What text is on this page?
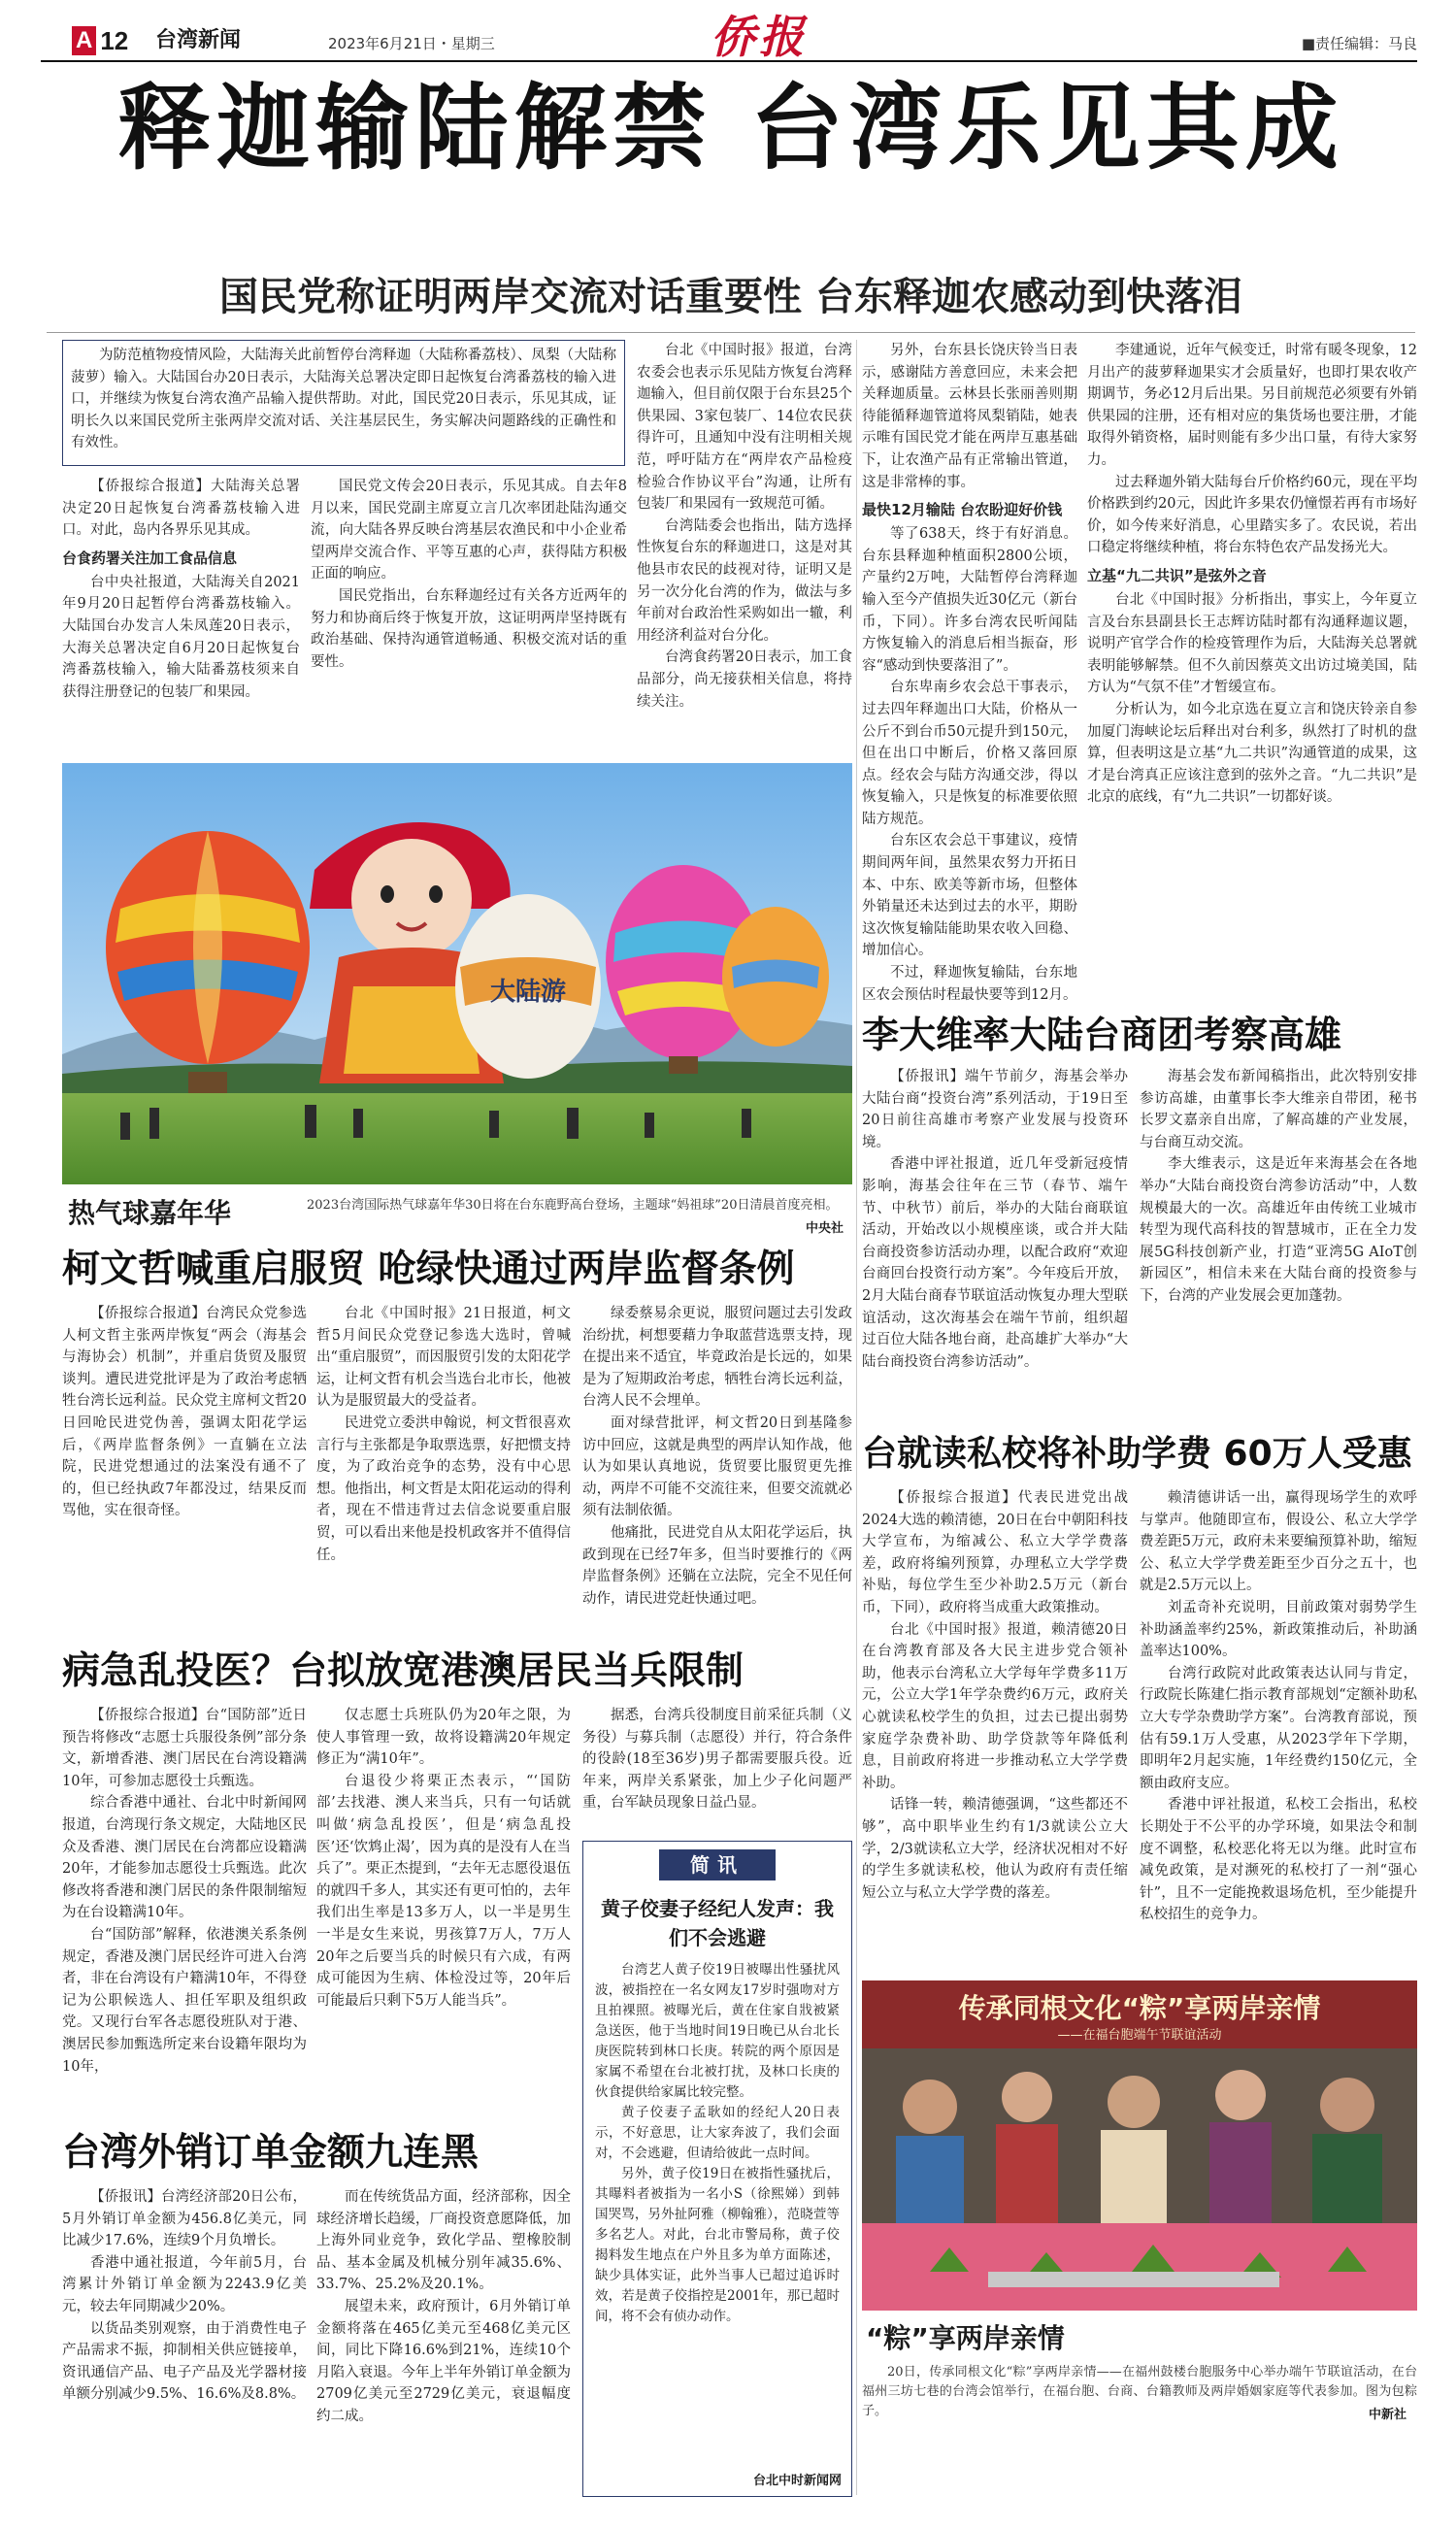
A 12 台湾新闻	2023年6月21日・星期三	侨报	■责任编辑：马良
释迦输陆解禁 台湾乐见其成
国民党称证明两岸交流对话重要性 台东释迦农感动到快落泪
为防范植物疫情风险，大陆海关此前暂停台湾释迦（大陆称番荔枝）、凤梨（大陆称菠萝）输入。大陆国台办20日表示，大陆海关总署决定即日起恢复台湾番荔枝的输入进口，并继续为恢复台湾农渔产品输入提供帮助。对此，国民党20日表示，乐见其成，证明长久以来国民党所主张两岸交流对话、关注基层民生，务实解决问题路线的正确性和有效性。

【侨报综合报道】大陆海关总署决定20日起恢复台湾番荔枝输入进口。对此，岛内各界乐见其成。

台食药署关注加工食品信息

台中央社报道，大陆海关自2021年9月20日起暂停台湾番荔枝输入。大陆国台办发言人朱凤莲20日表示，大海关总署决定自6月20日起恢复台湾番荔枝输入，输大陆番荔枝须来自获得注册登记的包装厂和果园。

国民党文传会20日表示，乐见其成。自去年8月以来，国民党副主席夏立言几次率团赴陆沟通交流，向大陆各界反映台湾基层农渔民和中小企业希望两岸交流合作、平等互惠的心声，获得陆方积极正面的响应。

国民党指出，台东释迦经过有关各方近两年的努力和协商后终于恢复开放，这证明两岸坚持既有政治基础、保持沟通管道畅通、积极交流对话的重要性。

台北《中国时报》报道，台湾农委会也表示乐见陆方恢复台湾释迦输入，但目前仅限于台东县25个供果园、3家包装厂、14位农民获得许可，且通知中没有注明相关规范，呼吁陆方在“两岸农产品检疫检验合作协议平台”沟通，让所有包装厂和果园有一致规范可循。

台湾陆委会也指出，陆方选择性恢复台东的释迦进口，这是对其他县市农民的歧视对待，证明又是另一次分化台湾的作为，做法与多年前对台政治性采购如出一辙，利用经济利益对台分化。

台湾食药署20日表示，加工食品部分，尚无接获相关信息，将持续关注。

另外，台东县长饶庆铃当日表示，感谢陆方善意回应，未来会把关释迦质量。云林县长张丽善则期待能循释迦管道将凤梨销陆，她表示唯有国民党才能在两岸互惠基础下，让农渔产品有正常输出管道，这是非常棒的事。

最快12月输陆 台农盼迎好价钱

等了638天，终于有好消息。台东县释迦种植面积2800公顷，产量约2万吨，大陆暂停台湾释迦输入至今产值损失近30亿元（新台币，下同）。许多台湾农民听闻陆方恢复输入的消息后相当振奋，形容“感动到快要落泪了”。

台东卑南乡农会总干事表示，过去四年释迦出口大陆，价格从一公斤不到台币50元提升到150元，但在出口中断后，价格又落回原点。经农会与陆方沟通交涉，得以恢复输入，只是恢复的标准要依照陆方规范。

台东区农会总干事建议，疫情期间两年间，虽然果农努力开拓日本、中东、欧美等新市场，但整体外销量还未达到过去的水平，期盼这次恢复输陆能助果农收入回稳、增加信心。

不过，释迦恢复输陆，台东地区农会预估时程最快要等到12月。

李建通说，近年气候变迁，时常有暖冬现象，12月出产的菠萝释迦果实才会质量好，也即打果农收产期调节，务必12月后出果。另目前规范必须要有外销供果园的注册，还有相对应的集货场也要注册，才能取得外销资格，届时则能有多少出口量，有待大家努力。

过去释迦外销大陆每台斤价格约60元，现在平均价格跌到约20元，因此许多果农仍憧憬若再有市场好价，如今传来好消息，心里踏实多了。农民说，若出口稳定将继续种植，将台东特色农产品发扬光大。

立基“九二共识”是弦外之音

台北《中国时报》分析指出，事实上，今年夏立言及台东县副县长王志辉访陆时都有沟通释迦议题，说明产官学合作的检疫管理作为后，大陆海关总署就表明能够解禁。但不久前因蔡英文出访过境美国，陆方认为“气氛不佳”才暂缓宣布。

分析认为，如今北京选在夏立言和饶庆铃亲自参加厦门海峡论坛后释出对台利多，纵然打了时机的盘算，但表明这是立基“九二共识”沟通管道的成果，这才是台湾真正应该注意到的弦外之音。“九二共识”是北京的底线，有“九二共识”一切都好谈。

大陆游
热气球嘉年华	2023台湾国际热气球嘉年华30日将在台东鹿野高台登场，主题球“妈祖球”20日清晨首度亮相。
中央社
柯文哲喊重启服贸 呛绿快通过两岸监督条例

【侨报综合报道】台湾民众党参选人柯文哲主张两岸恢复“两会（海基会与海协会）机制”，并重启货贸及服贸谈判。遭民进党批评是为了政治考虑牺牲台湾长远利益。民众党主席柯文哲20日回呛民进党伪善，强调太阳花学运后，《两岸监督条例》一直躺在立法院，民进党想通过的法案没有通不了的，但已经执政7年都没过，结果反而骂他，实在很奇怪。

台北《中国时报》21日报道，柯文哲5月间民众党登记参选大选时，曾喊出“重启服贸”，而因服贸引发的太阳花学运，让柯文哲有机会当选台北市长，他被认为是服贸最大的受益者。

民进党立委洪申翰说，柯文哲很喜欢言行与主张都是争取票选票，好把惯支持度，为了政治竞争的态势，没有中心思想。他指出，柯文哲是太阳花运动的得利者，现在不惜违背过去信念说要重启服贸，可以看出来他是投机政客并不值得信任。

绿委蔡易余更说，服贸问题过去引发政治纷扰，柯想要藉力争取蓝营选票支持，现在提出来不适宜，毕竟政治是长远的，如果是为了短期政治考虑，牺牲台湾长远利益，台湾人民不会埋单。

面对绿营批评，柯文哲20日到基隆参访中回应，这就是典型的两岸认知作战，他认为如果认真地说，货贸要比服贸更先推动，两岸不可能不交流往来，但要交流就必须有法制依循。

他痛批，民进党自从太阳花学运后，执政到现在已经7年多，但当时要推行的《两岸监督条例》还躺在立法院，完全不见任何动作，请民进党赶快通过吧。

病急乱投医？台拟放宽港澳居民当兵限制

【侨报综合报道】台“国防部”近日预告将修改“志愿士兵服役条例”部分条文，新增香港、澳门居民在台湾设籍满10年，可参加志愿役士兵甄选。

综合香港中通社、台北中时新闻网报道，台湾现行条文规定，大陆地区民众及香港、澳门居民在台湾都应设籍满20年，才能参加志愿役士兵甄选。此次修改将香港和澳门居民的条件限制缩短为在台设籍满10年。

台“国防部”解释，依港澳关系条例规定，香港及澳门居民经许可进入台湾者，非在台湾设有户籍满10年，不得登记为公职候选人、担任军职及组织政党。又现行台军各志愿役班队对于港、澳居民参加甄选所定来台设籍年限均为10年，

仅志愿士兵班队仍为20年之限，为使人事管理一致，故将设籍满20年规定修正为“满10年”。

台退役少将栗正杰表示，“‘国防部’去找港、澳人来当兵，只有一句话就叫做‘病急乱投医’，但是‘病急乱投医’还‘饮鸩止渴’，因为真的是没有人在当兵了”。栗正杰提到，“去年无志愿役退伍的就四千多人，其实还有更可怕的，去年我们出生率是13多万人，以一半是男生一半是女生来说，男孩算7万人，7万人20年之后要当兵的时候只有六成，有两成可能因为生病、体检没过等，20年后可能最后只剩下5万人能当兵”。

据悉，台湾兵役制度目前采征兵制（义务役）与募兵制（志愿役）并行，符合条件的役龄(18至36岁)男子都需要服兵役。近年来，两岸关系紧张，加上少子化问题严重，台军缺员现象日益凸显。

台湾外销订单金额九连黑

【侨报讯】台湾经济部20日公布，5月外销订单金额为456.8亿美元，同比减少17.6%，连续9个月负增长。

香港中通社报道，今年前5月，台湾累计外销订单金额为2243.9亿美元，较去年同期减少20%。

以货品类别观察，由于消费性电子产品需求不振，抑制相关供应链接单，资讯通信产品、电子产品及光学器材接单额分别减少9.5%、16.6%及8.8%。

而在传统货品方面，经济部称，因全球经济增长趋缓，厂商投资意愿降低，加上海外同业竞争，致化学品、塑橡胶制品、基本金属及机械分别年减35.6%、33.7%、25.2%及20.1%。

展望未来，政府预计，6月外销订单金额将落在465亿美元至468亿美元区间，同比下降16.6%到21%，连续10个月陷入衰退。今年上半年外销订单金额为2709亿美元至2729亿美元，衰退幅度约二成。

简讯
黄子佼妻子经纪人发声：我们不会逃避

台湾艺人黄子佼19日被曝出性骚扰风波，被指控在一名女网友17岁时强吻对方且拍裸照。被曝光后，黄在住家自戕被紧急送医，他于当地时间19日晚已从台北长庚医院转到林口长庚。转院的两个原因是家属不希望在台北被打扰，及林口长庚的伙食提供给家属比较完整。

黄子佼妻子孟耿如的经纪人20日表示，不好意思，让大家奔波了，我们会面对，不会逃避，但请给彼此一点时间。

另外，黄子佼19日在被指性骚扰后，其曝料者被指为一名小S（徐熙娣）到韩国哭骂，另外扯阿雅（柳翰雅），范晓萱等多名艺人。对此，台北市警局称，黄子佼揭料发生地点在户外且多为单方面陈述，缺少具体实证，此外当事人已超过追诉时效，若是黄子佼指控是2001年，那已超时间，将不会有侦办动作。

台北中时新闻网
李大维率大陆台商团考察高雄

【侨报讯】端午节前夕，海基会举办大陆台商“投资台湾”系列活动，于19日至20日前往高雄市考察产业发展与投资环境。

香港中评社报道，近几年受新冠疫情影响，海基会往年在三节（春节、端午节、中秋节）前后，举办的大陆台商联谊活动，开始改以小规模座谈，或合并大陆台商投资参访活动办理，以配合政府“欢迎台商回台投资行动方案”。今年疫后开放，2月大陆台商春节联谊活动恢复办理大型联谊活动，这次海基会在端午节前，组织超过百位大陆各地台商，赴高雄扩大举办“大陆台商投资台湾参访活动”。

海基会发布新闻稿指出，此次特别安排参访高雄，由董事长李大维亲自带团，秘书长罗文嘉亲自出席，了解高雄的产业发展，与台商互动交流。

李大维表示，这是近年来海基会在各地举办“大陆台商投资台湾参访活动”中，人数规模最大的一次。高雄近年由传统工业城市转型为现代高科技的智慧城市，正在全力发展5G科技创新产业，打造“亚湾5G AIoT创新园区”，相信未来在大陆台商的投资参与下，台湾的产业发展会更加蓬勃。

台就读私校将补助学费 60万人受惠

【侨报综合报道】代表民进党出战2024大选的赖清德，20日在台中朝阳科技大学宣布，为缩减公、私立大学学费落差，政府将编列预算，办理私立大学学费补贴，每位学生至少补助2.5万元（新台币，下同），政府将当成重大政策推动。

台北《中国时报》报道，赖清德20日在台湾教育部及各大民主进步党合领补助，他表示台湾私立大学每年学费多11万元，公立大学1年学杂费约6万元，政府关心就读私校学生的负担，过去已提出弱势家庭学杂费补助、助学贷款等年降低利息，目前政府将进一步推动私立大学学费补助。

话锋一转，赖清德强调，“这些都还不够”，高中职毕业生约有1/3就读公立大学，2/3就读私立大学，经济状况相对不好的学生多就读私校，他认为政府有责任缩短公立与私立大学学费的落差。

赖清德讲话一出，赢得现场学生的欢呼与掌声。他随即宣布，假设公、私立大学学费差距5万元，政府未来要编预算补助，缩短公、私立大学学费差距至少百分之五十，也就是2.5万元以上。

刘孟奇补充说明，目前政策对弱势学生补助涵盖率约25%，新政策推动后，补助涵盖率达100%。

台湾行政院对此政策表达认同与肯定，行政院长陈建仁指示教育部规划“定额补助私立大专学杂费助学方案”。台湾教育部说，预估有59.1万人受惠，从2023学年下学期，即明年2月起实施，1年经费约150亿元，全额由政府支应。

香港中评社报道，私校工会指出，私校长期处于不公平的办学环境，如果法令和制度不调整，私校恶化将无以为继。此时宣布减免政策，是对濒死的私校打了一剂“强心针”，且不一定能挽救退场危机，至少能提升私校招生的竞争力。

传承同根文化“粽”享两岸亲情
——在福台胞端午节联谊活动
“粽”享两岸亲情
20日，传承同根文化“粽”享两岸亲情——在福州鼓楼台胞服务中心举办端午节联谊活动，在台福州三坊七巷的台湾会馆举行，在福台胞、台商、台籍教师及两岸婚姻家庭等代表参加。图为包粽子。	中新社
